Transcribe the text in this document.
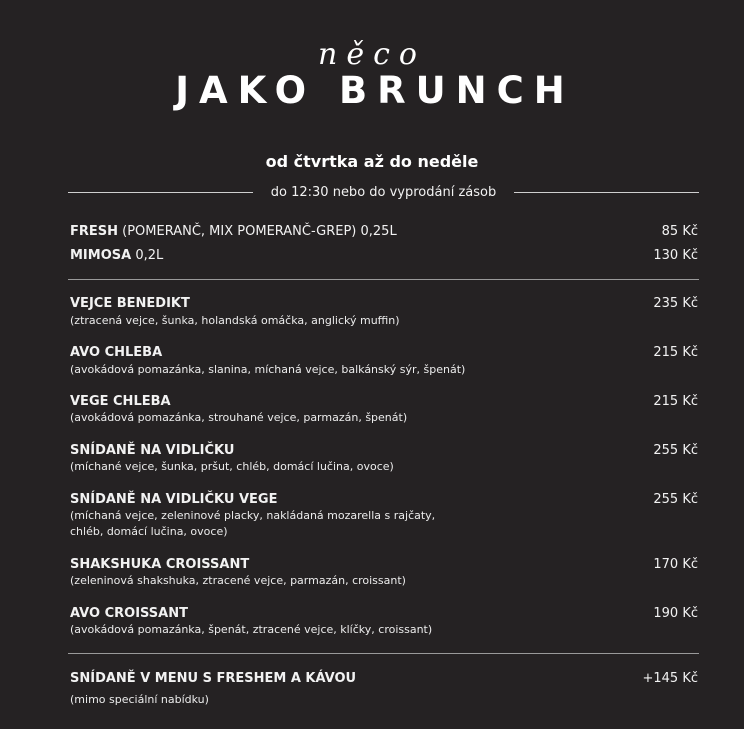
něco
JAKO BRUNCH
od čtvrtka až do neděle
do 12:30 nebo do vyprodání zásob
FRESH (POMERANČ, MIX POMERANČ-GREP) 0,25L	85 Kč
MIMOSA 0,2L	130 Kč
VEJCE BENEDIKT	235 Kč
(ztracená vejce, šunka, holandská omáčka, anglický muffin)
AVO CHLEBA	215 Kč
(avokádová pomazánka, slanina, míchaná vejce, balkánský sýr, špenát)
VEGE CHLEBA	215 Kč
(avokádová pomazánka, strouhané vejce, parmazán, špenát)
SNÍDANĚ NA VIDLIČKU	255 Kč
(míchané vejce, šunka, pršut, chléb, domácí lučina, ovoce)
SNÍDANĚ NA VIDLIČKU VEGE	255 Kč
(míchaná vejce, zeleninové placky, nakládaná mozarella s rajčaty,
chléb, domácí lučina, ovoce)
SHAKSHUKA CROISSANT	170 Kč
(zeleninová shakshuka, ztracené vejce, parmazán, croissant)
AVO CROISSANT	190 Kč
(avokádová pomazánka, špenát, ztracené vejce, klíčky, croissant)
SNÍDANĚ V MENU S FRESHEM A KÁVOU	+145 Kč
(mimo speciální nabídku)
